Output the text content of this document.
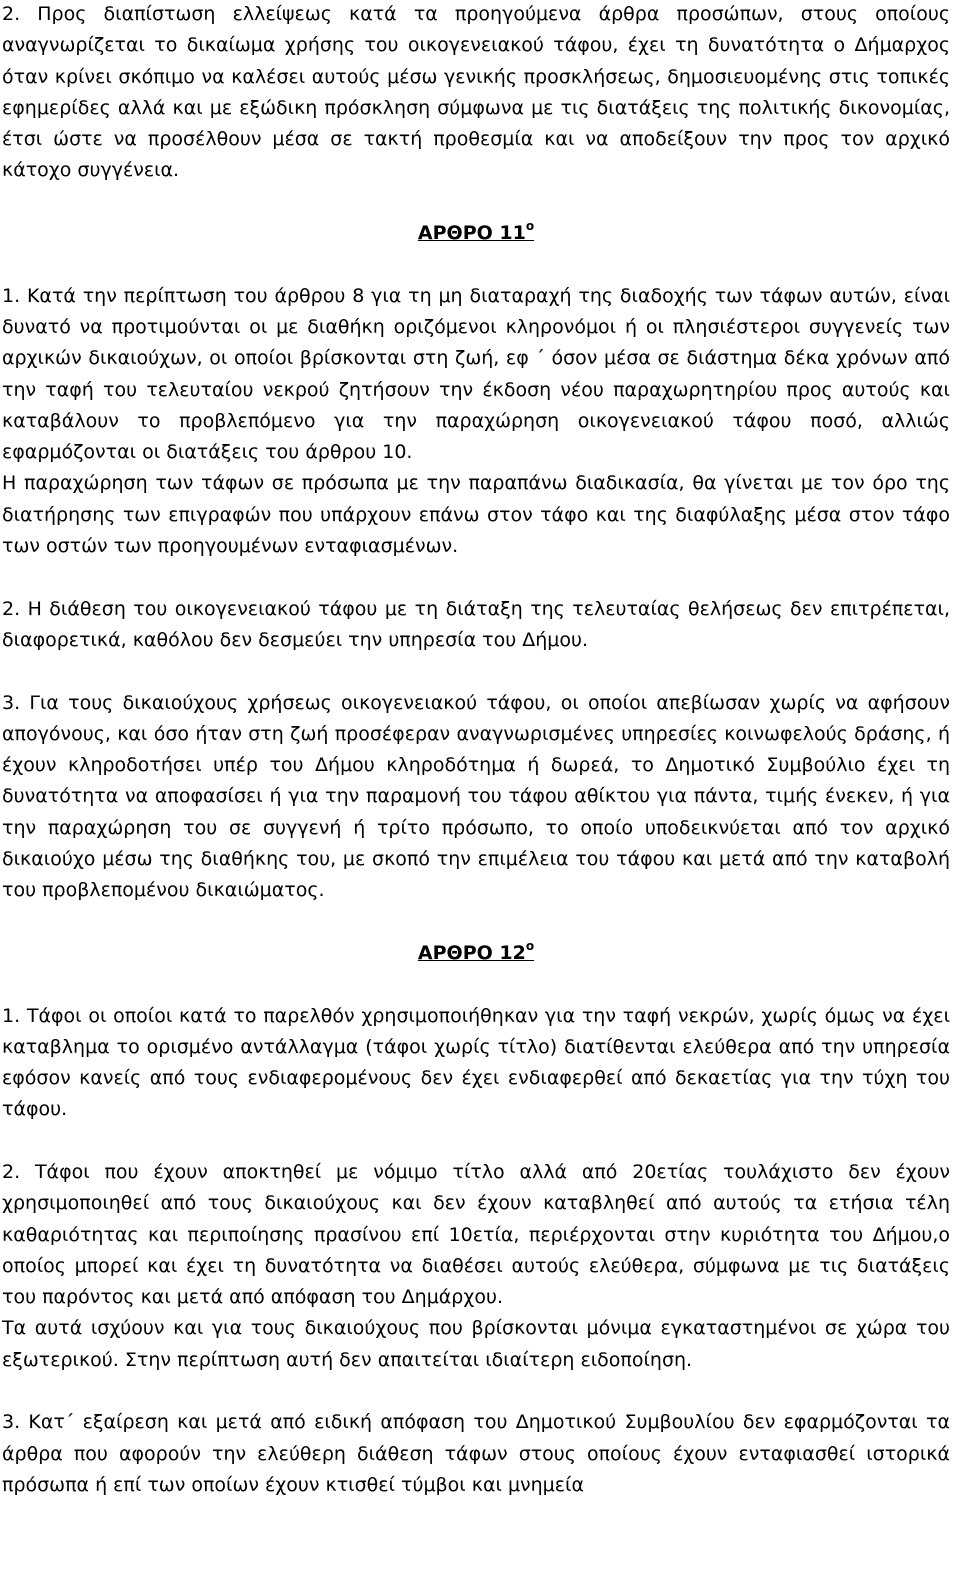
2. Προς διαπίστωση ελλείψεως κατά τα προηγούμενα άρθρα προσώπων, στους οποίους αναγνωρίζεται το δικαίωμα χρήσης του οικογενειακού τάφου, έχει τη δυνατότητα ο Δήμαρχος όταν κρίνει σκόπιμο να καλέσει αυτούς μέσω γενικής προσκλήσεως, δημοσιευομένης στις τοπικές εφημερίδες αλλά και με εξώδικη πρόσκληση σύμφωνα με τις διατάξεις της πολιτικής δικονομίας, έτσι ώστε να προσέλθουν μέσα σε τακτή προθεσμία και να αποδείξουν την προς τον αρχικό κάτοχο συγγένεια.

ΑΡΘΡΟ $11^o$

1. Κατά την περίπτωση του άρθρου 8 για τη μη διαταραχή της διαδοχής των τάφων αυτών, είναι δυνατό να προτιμούνται οι με διαθήκη οριζόμενοι κληρονόμοι ή οι πλησιέστεροι συγγενείς των αρχικών δικαιούχων, οι οποίοι βρίσκονται στη ζωή, εφ ΄ όσον μέσα σε διάστημα δέκα χρόνων από την ταφή του τελευταίου νεκρού ζητήσουν την έκδοση νέου παραχωρητηρίου προς αυτούς και καταβάλουν το προβλεπόμενο για την παραχώρηση οικογενειακού τάφου ποσό, αλλιώς εφαρμόζονται οι διατάξεις του άρθρου 10.

Η παραχώρηση των τάφων σε πρόσωπα με την παραπάνω διαδικασία, θα γίνεται με τον όρο της διατήρησης των επιγραφών που υπάρχουν επάνω στον τάφο και της διαφύλαξης μέσα στον τάφο των οστών των προηγουμένων ενταφιασμένων.

2. Η διάθεση του οικογενειακού τάφου με τη διάταξη της τελευταίας θελήσεως δεν επιτρέπεται, διαφορετικά, καθόλου δεν δεσμεύει την υπηρεσία του Δήμου.

3. Για τους δικαιούχους χρήσεως οικογενειακού τάφου, οι οποίοι απεβίωσαν χωρίς να αφήσουν απογόνους, και όσο ήταν στη ζωή προσέφεραν αναγνωρισμένες υπηρεσίες κοινωφελούς δράσης, ή έχουν κληροδοτήσει υπέρ του Δήμου κληροδότημα ή δωρεά, το Δημοτικό Συμβούλιο έχει τη δυνατότητα να αποφασίσει ή για την παραμονή του τάφου αθίκτου για πάντα, τιμής ένεκεν, ή για την παραχώρηση του σε συγγενή ή τρίτο πρόσωπο, το οποίο υποδεικνύεται από τον αρχικό δικαιούχο μέσω της διαθήκης του, με σκοπό την επιμέλεια του τάφου και μετά από την καταβολή του προβλεπομένου δικαιώματος.

ΑΡΘΡΟ $12^o$

1. Τάφοι οι οποίοι κατά το παρελθόν χρησιμοποιήθηκαν για την ταφή νεκρών, χωρίς όμως να έχει καταβλημα το ορισμένο αντάλλαγμα (τάφοι χωρίς τίτλο) διατίθενται ελεύθερα από την υπηρεσία εφόσον κανείς από τους ενδιαφερομένους δεν έχει ενδιαφερθεί από δεκαετίας για την τύχη του τάφου.

2. Τάφοι που έχουν αποκτηθεί με νόμιμο τίτλο αλλά από 20ετίας τουλάχιστο δεν έχουν χρησιμοποιηθεί από τους δικαιούχους και δεν έχουν καταβληθεί από αυτούς τα ετήσια τέλη καθαριότητας και περιποίησης πρασίνου επί 10ετία, περιέρχονται στην κυριότητα του Δήμου,ο οποίος μπορεί και έχει τη δυνατότητα να διαθέσει αυτούς ελεύθερα, σύμφωνα με τις διατάξεις του παρόντος και μετά από απόφαση του Δημάρχου.

Τα αυτά ισχύουν και για τους δικαιούχους που βρίσκονται μόνιμα εγκαταστημένοι σε χώρα του εξωτερικού. Στην περίπτωση αυτή δεν απαιτείται ιδιαίτερη ειδοποίηση.

3. Κατ΄ εξαίρεση και μετά από ειδική απόφαση του Δημοτικού Συμβουλίου δεν εφαρμόζονται τα άρθρα που αφορούν την ελεύθερη διάθεση τάφων στους οποίους έχουν ενταφιασθεί ιστορικά πρόσωπα ή επί των οποίων έχουν κτισθεί τύμβοι και μνημεία
